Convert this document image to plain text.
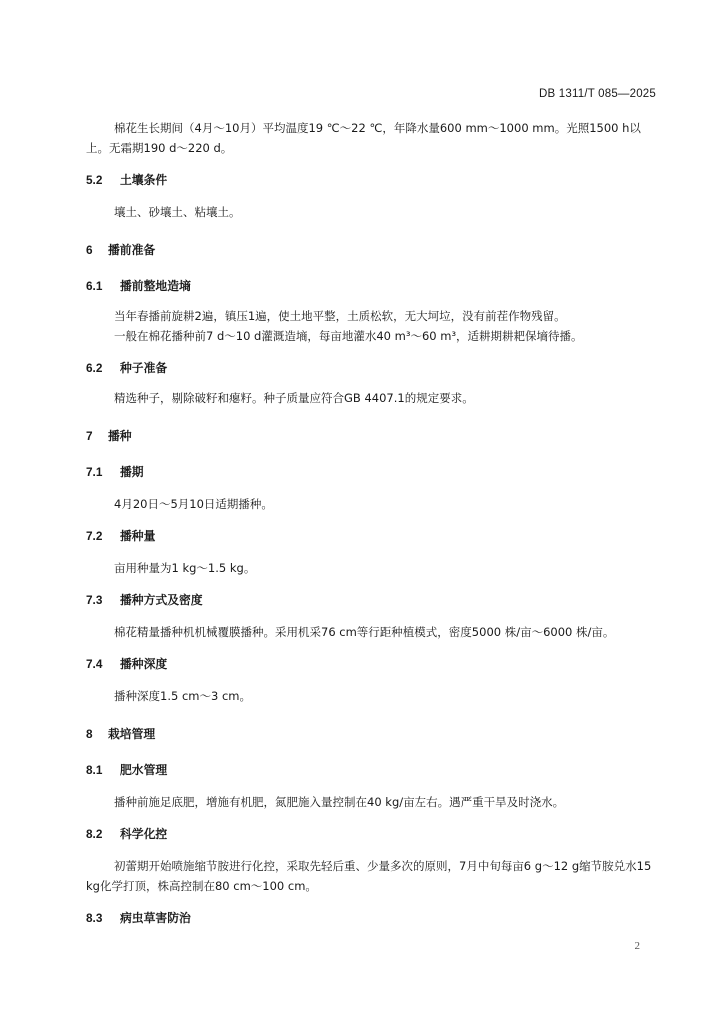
DB 1311/T 085—2025

棉花生长期间（4月～10月）平均温度19 ℃～22 ℃，年降水量600 mm～1000 mm。光照1500 h以上。无霜期190 d～220 d。

5.2 土壤条件

壤土、砂壤土、粘壤土。

6 播前准备
6.1 播前整地造墒

当年春播前旋耕2遍，镇压1遍，使土地平整，土质松软，无大坷垃，没有前茬作物残留。

一般在棉花播种前7 d～10 d灌溉造墒，每亩地灌水40 m³～60 m³，适耕期耕耙保墒待播。

6.2 种子准备

精选种子，剔除破籽和瘪籽。种子质量应符合GB 4407.1的规定要求。

7 播种
7.1 播期

4月20日～5月10日适期播种。

7.2 播种量

亩用种量为1 kg～1.5 kg。

7.3 播种方式及密度

棉花精量播种机机械覆膜播种。采用机采76 cm等行距种植模式，密度5000 株/亩～6000 株/亩。

7.4 播种深度

播种深度1.5 cm～3 cm。

8 栽培管理
8.1 肥水管理

播种前施足底肥，增施有机肥，氮肥施入量控制在40 kg/亩左右。遇严重干旱及时浇水。

8.2 科学化控

初蕾期开始喷施缩节胺进行化控，采取先轻后重、少量多次的原则，7月中旬每亩6 g～12 g缩节胺兑水15 kg化学打顶，株高控制在80 cm～100 cm。

8.3 病虫草害防治
2
